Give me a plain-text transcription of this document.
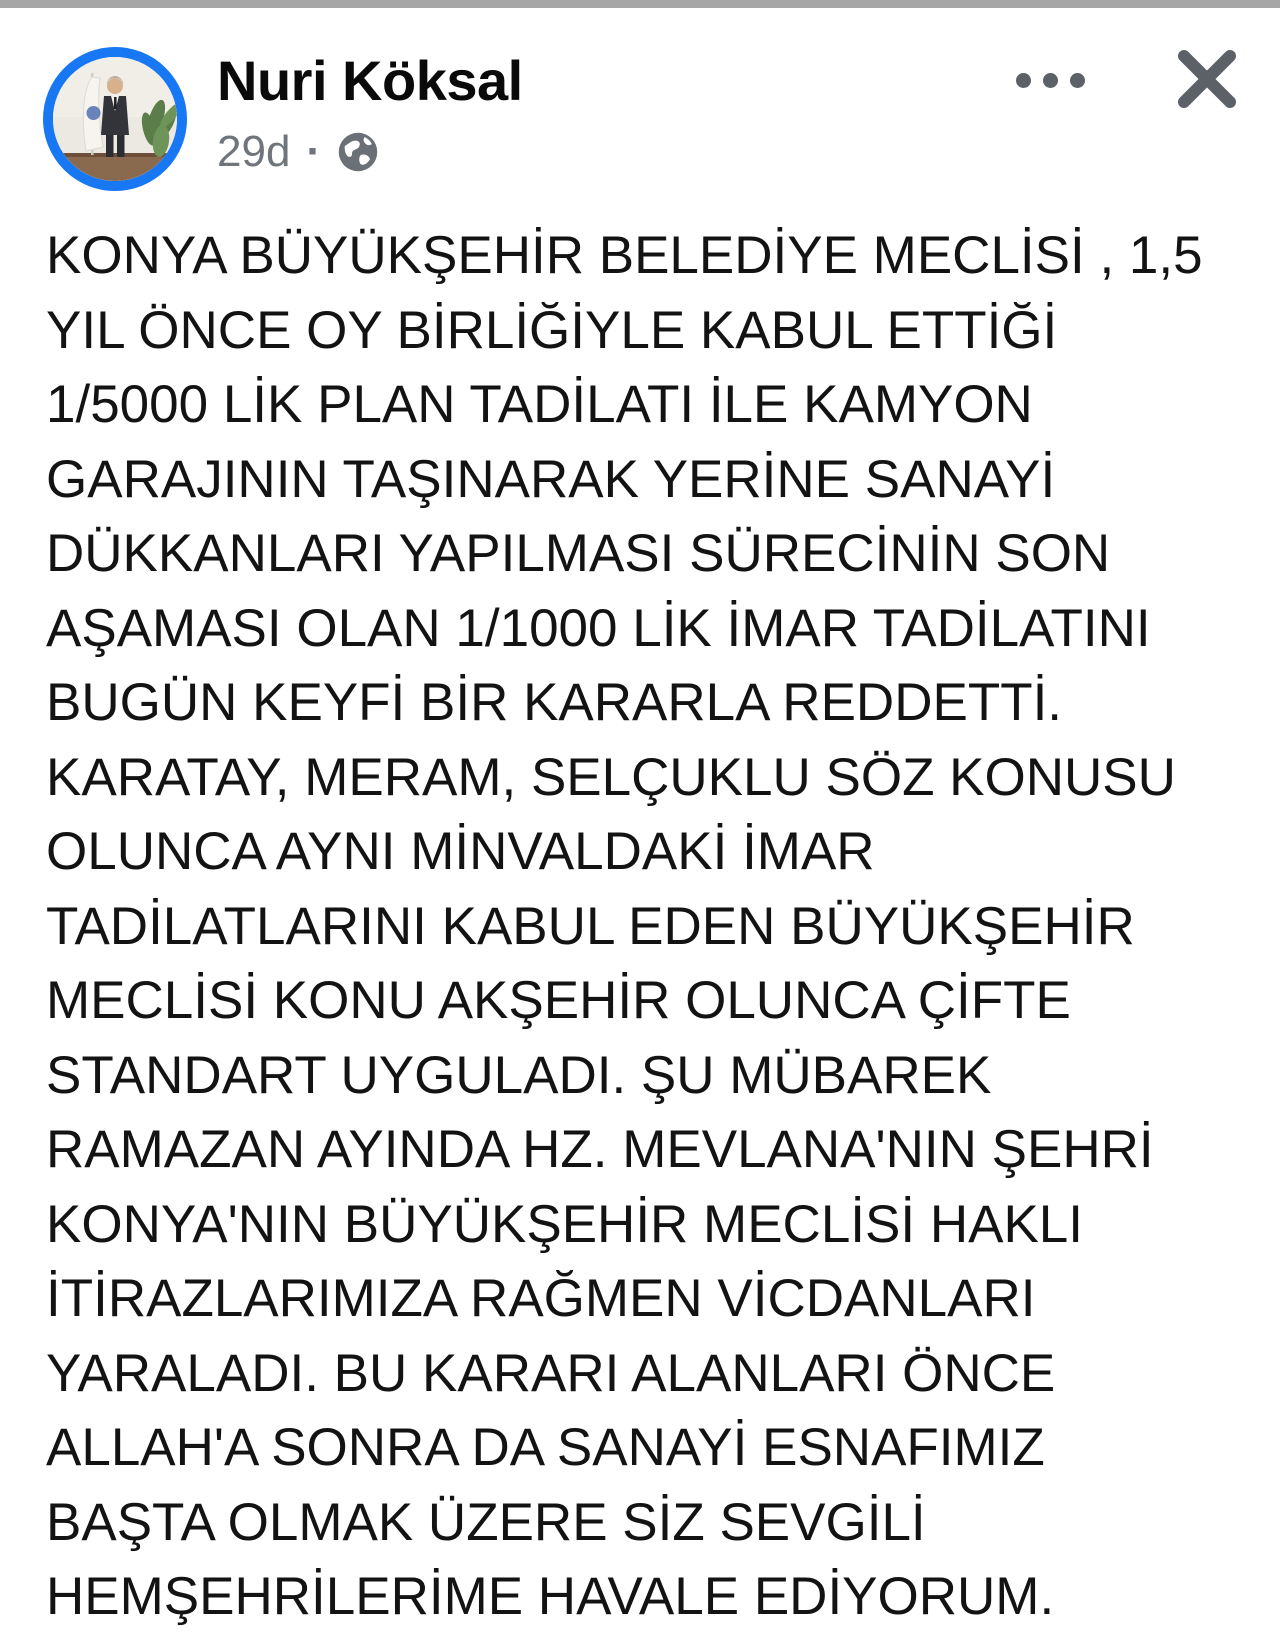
Nuri Köksal
29d ·
KONYA BÜYÜKŞEHİR BELEDİYE MECLİSİ , 1,5
YIL ÖNCE OY BİRLİĞİYLE KABUL ETTİĞİ
1/5000 LİK PLAN TADİLATI İLE KAMYON
GARAJININ TAŞINARAK YERİNE SANAYİ
DÜKKANLARI YAPILMASI SÜRECİNİN SON
AŞAMASI OLAN 1/1000 LİK İMAR TADİLATINI
BUGÜN KEYFİ BİR KARARLA REDDETTİ.
KARATAY, MERAM, SELÇUKLU SÖZ KONUSU
OLUNCA AYNI MİNVALDAKİ İMAR
TADİLATLARINI KABUL EDEN BÜYÜKŞEHİR
MECLİSİ KONU AKŞEHİR OLUNCA ÇİFTE
STANDART UYGULADI. ŞU MÜBAREK
RAMAZAN AYINDA HZ. MEVLANA'NIN ŞEHRİ
KONYA'NIN BÜYÜKŞEHİR MECLİSİ HAKLI
İTİRAZLARIMIZA RAĞMEN VİCDANLARI
YARALADI. BU KARARI ALANLARI ÖNCE
ALLAH'A SONRA DA SANAYİ ESNAFIMIZ
BAŞTA OLMAK ÜZERE SİZ SEVGİLİ
HEMŞEHRİLERİME HAVALE EDİYORUM.
